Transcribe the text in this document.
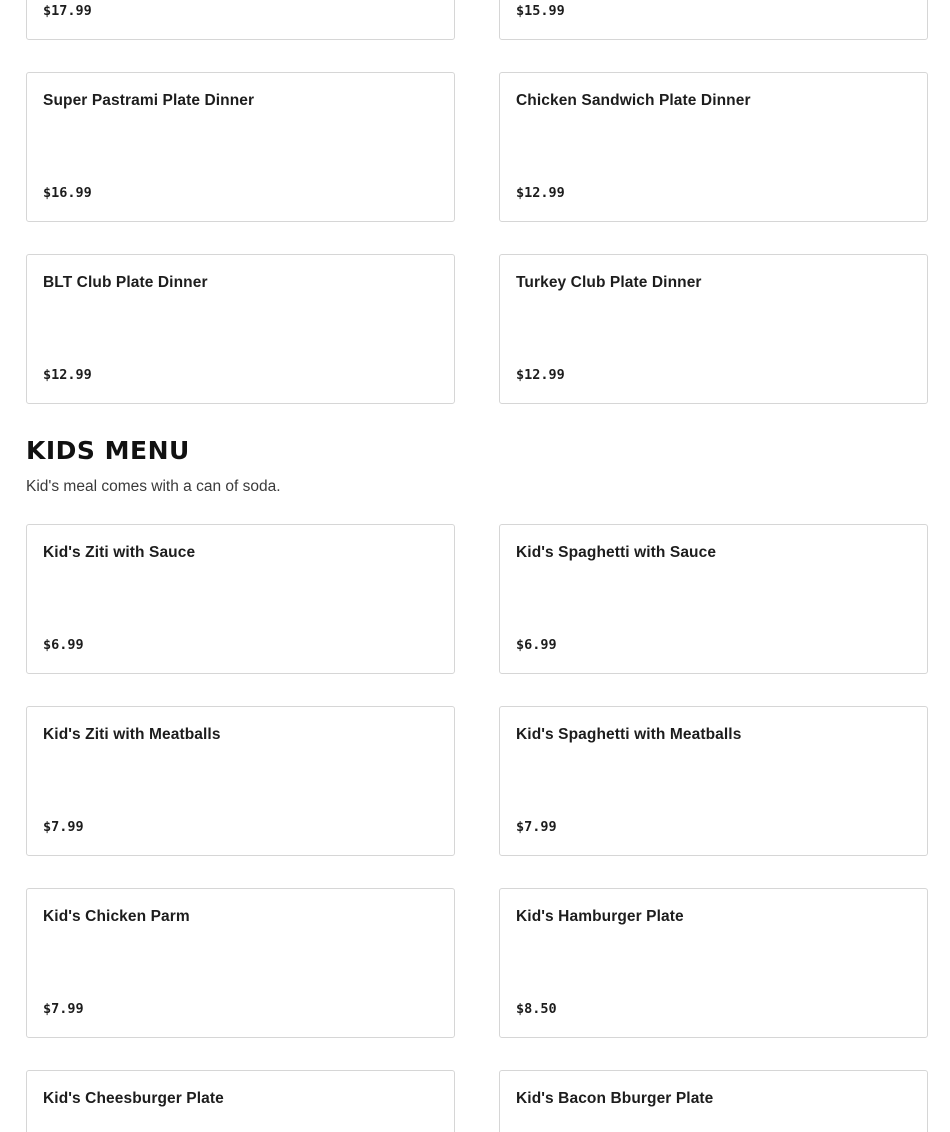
$17.99	$15.99
Super Pastrami Plate Dinner
$16.99
Chicken Sandwich Plate Dinner
$12.99
BLT Club Plate Dinner
$12.99
Turkey Club Plate Dinner
$12.99
KIDS MENU

Kid's meal comes with a can of soda.

Kid's Ziti with Sauce
$6.99
Kid's Spaghetti with Sauce
$6.99
Kid's Ziti with Meatballs
$7.99
Kid's Spaghetti with Meatballs
$7.99
Kid's Chicken Parm
$7.99
Kid's Hamburger Plate
$8.50
Kid's Cheesburger Plate	Kid's Bacon Bburger Plate
